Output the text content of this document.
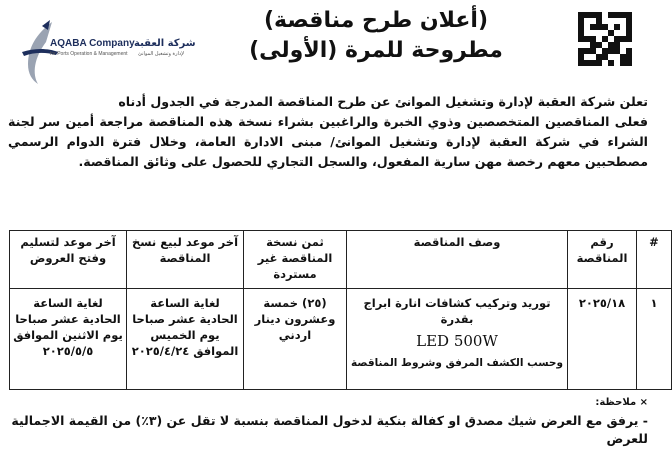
(أعلان طرح مناقصة)
مطروحة للمرة (الأولى)
AQABA Company شركة العقبة
for Ports Operation & Management لإدارة وتشغيل الموانئ

تعلن شركة العقبة لإدارة وتشغيل الموانئ عن طرح المناقصة المدرجة في الجدول أدناه

فعلى المناقصين المتخصصين وذوي الخبرة والراغبين بشراء نسخة هذه المناقصة مراجعة أمين سر لجنة الشراء في شركة العقبة لإدارة وتشغيل الموانئ/ مبنى الادارة العامة، وخلال فترة الدوام الرسمي مصطحبين معهم رخصة مهن سارية المفعول، والسجل التجاري للحصول على وثائق المناقصة.

#	رقم المناقصة	وصف المناقصة	ثمن نسخة المناقصة غير مستردة	آخر موعد لبيع نسخ المناقصة	آخر موعد لتسليم وفتح العروض
١	٢٠٢٥/١٨	توريد وتركيب كشافات انارة ابراج بقدرة
LED 500W
وحسب الكشف المرفق وشروط المناقصة	(٢٥) خمسة وعشرون دينار اردني	لغاية الساعة الحادية عشر صباحا يوم الخميس الموافق ٢٠٢٥/٤/٢٤	لغاية الساعة الحادية عشر صباحا يوم الاثنين الموافق ٢٠٢٥/٥/٥
× ملاحظة:
- يرفق مع العرض شيك مصدق او كفالة بنكية لدخول المناقصة بنسبة لا تقل عن (٣٪) من القيمة الاجمالية للعرض
